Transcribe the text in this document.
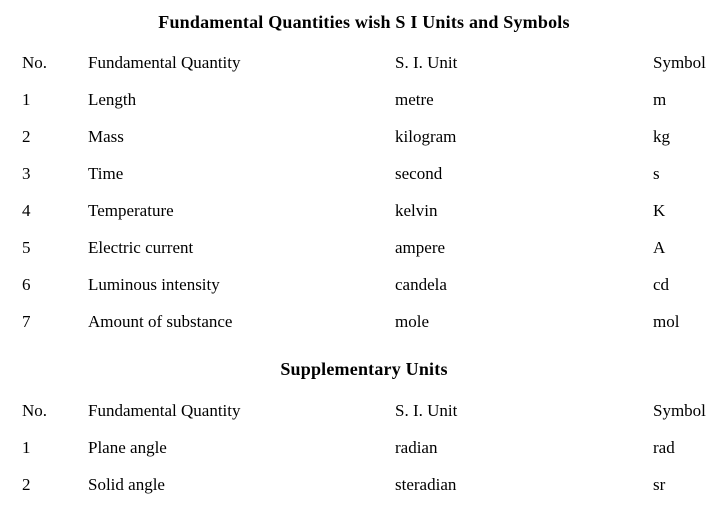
Fundamental Quantities wish S I Units and Symbols
No.	Fundamental Quantity	S. I. Unit	Symbol
1	Length	metre	m
2	Mass	kilogram	kg
3	Time	second	s
4	Temperature	kelvin	K
5	Electric current	ampere	A
6	Luminous intensity	candela	cd
7	Amount of substance	mole	mol
Supplementary Units
No.	Fundamental Quantity	S. I. Unit	Symbol
1	Plane angle	radian	rad
2	Solid angle	steradian	sr
